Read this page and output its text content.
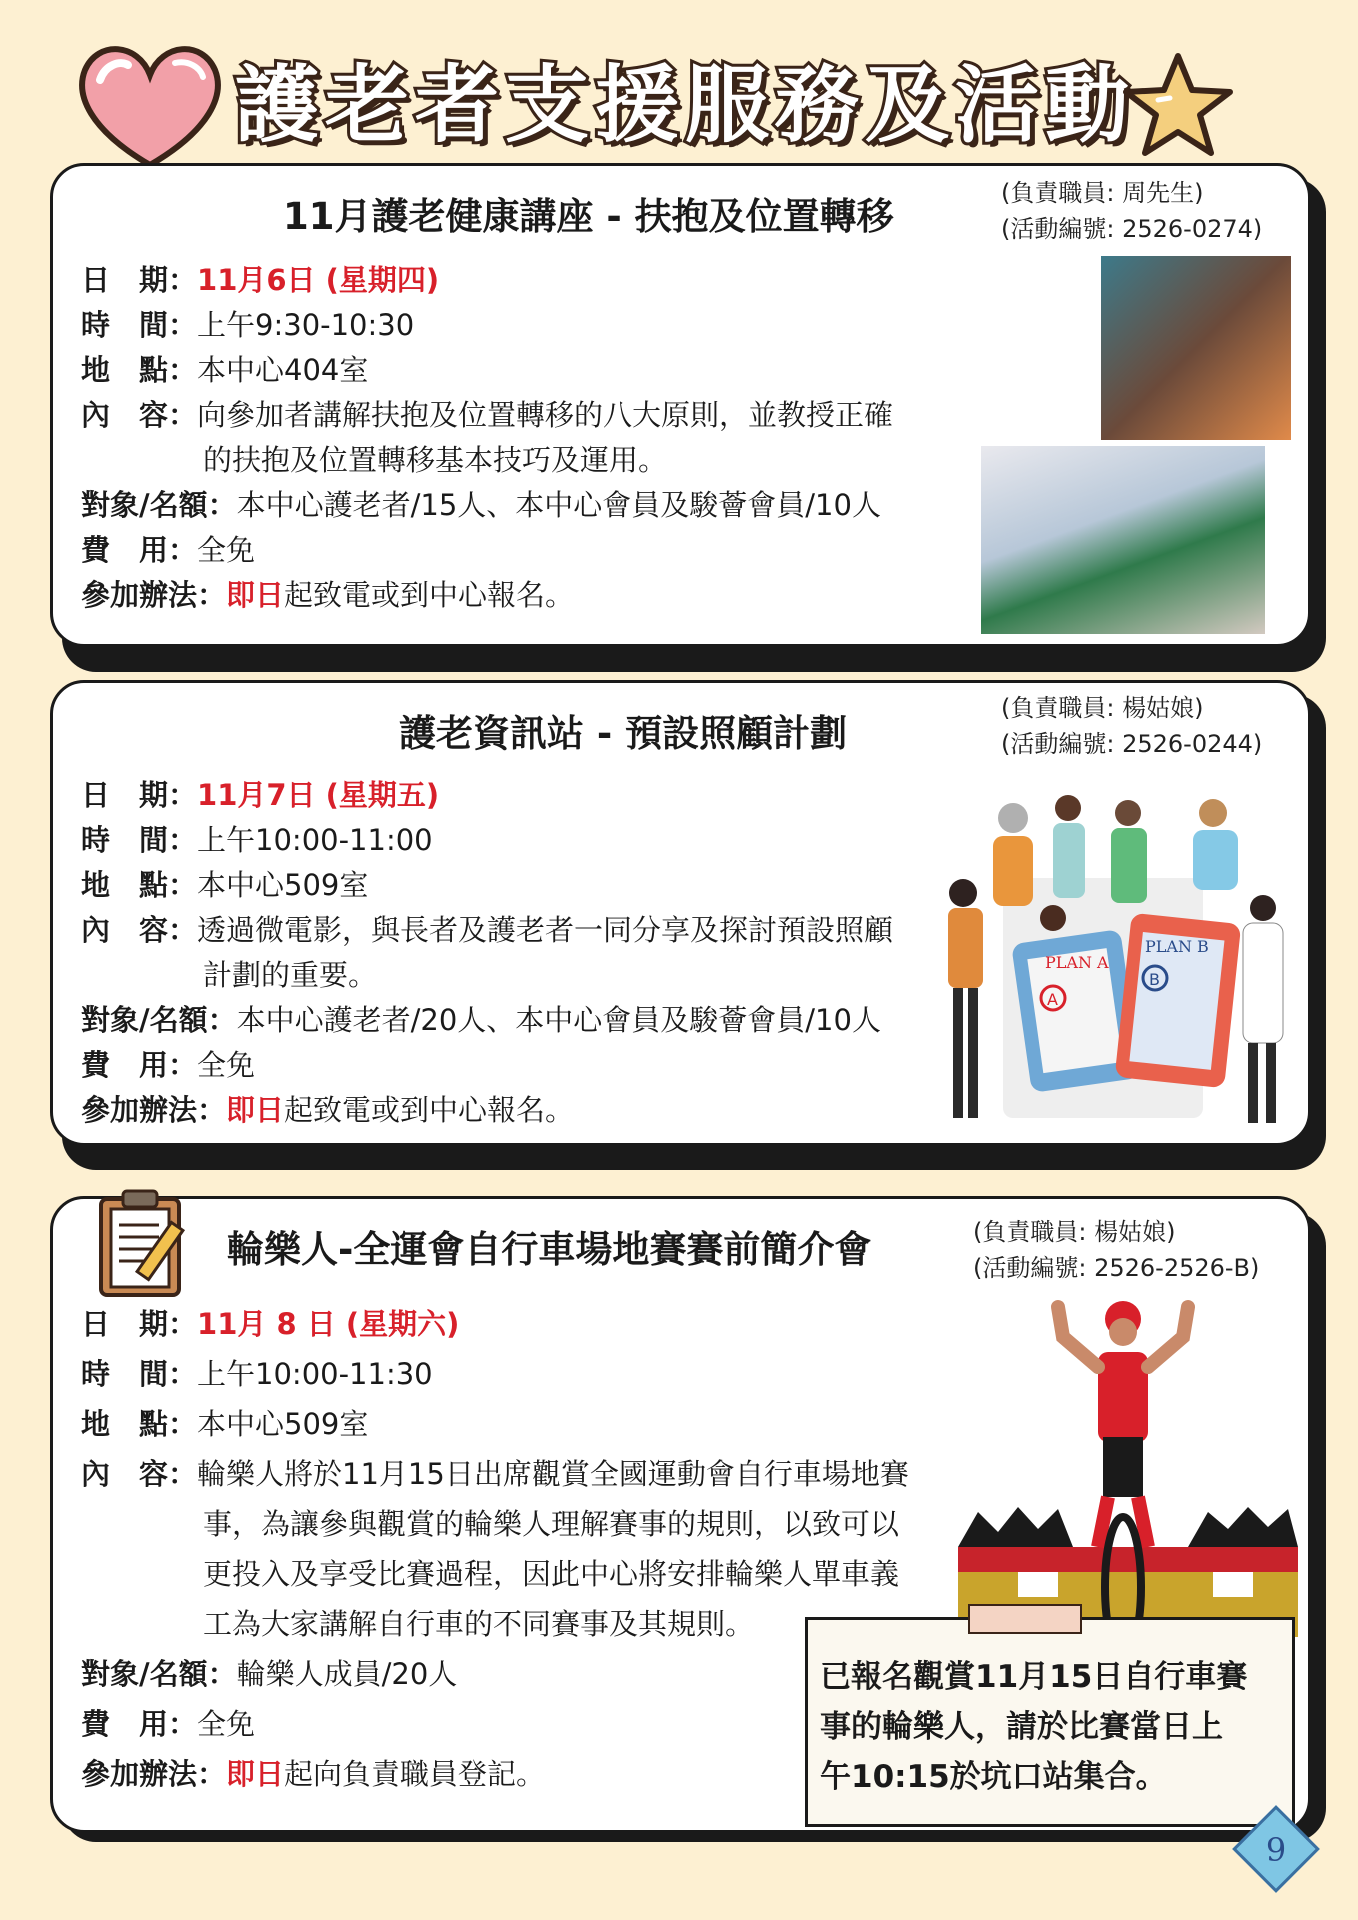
護老者支援服務及活動
11月護老健康講座 - 扶抱及位置轉移
(負責職員: 周先生)
(活動編號: 2526-0274)
日　期：11月6日 (星期四)
時　間：上午9:30-10:30
地　點：本中心404室
內　容：向參加者講解扶抱及位置轉移的八大原則，並教授正確
的扶抱及位置轉移基本技巧及運用。
對象/名額：本中心護老者/15人、本中心會員及駿薈會員/10人
費　用：全免
參加辦法：即日起致電或到中心報名。
護老資訊站 - 預設照顧計劃
(負責職員: 楊姑娘)
(活動編號: 2526-0244)
PLAN A
A
PLAN B
B
日　期：11月7日 (星期五)
時　間：上午10:00-11:00
地　點：本中心509室
內　容：透過微電影，與長者及護老者一同分享及探討預設照顧
計劃的重要。
對象/名額：本中心護老者/20人、本中心會員及駿薈會員/10人
費　用：全免
參加辦法：即日起致電或到中心報名。
輪樂人-全運會自行車場地賽賽前簡介會	(負責職員: 楊姑娘)
(活動編號: 2526-2526-B)
日　期：11月 8 日 (星期六)
時　間：上午10:00-11:30
地　點：本中心509室
內　容：輪樂人將於11月15日出席觀賞全國運動會自行車場地賽
事，為讓參與觀賞的輪樂人理解賽事的規則，以致可以
更投入及享受比賽過程，因此中心將安排輪樂人單車義
工為大家講解自行車的不同賽事及其規則。
對象/名額：輪樂人成員/20人
費　用：全免
參加辦法：即日起向負責職員登記。
已報名觀賞11月15日自行車賽
事的輪樂人，請於比賽當日上
午10:15於坑口站集合。
9
